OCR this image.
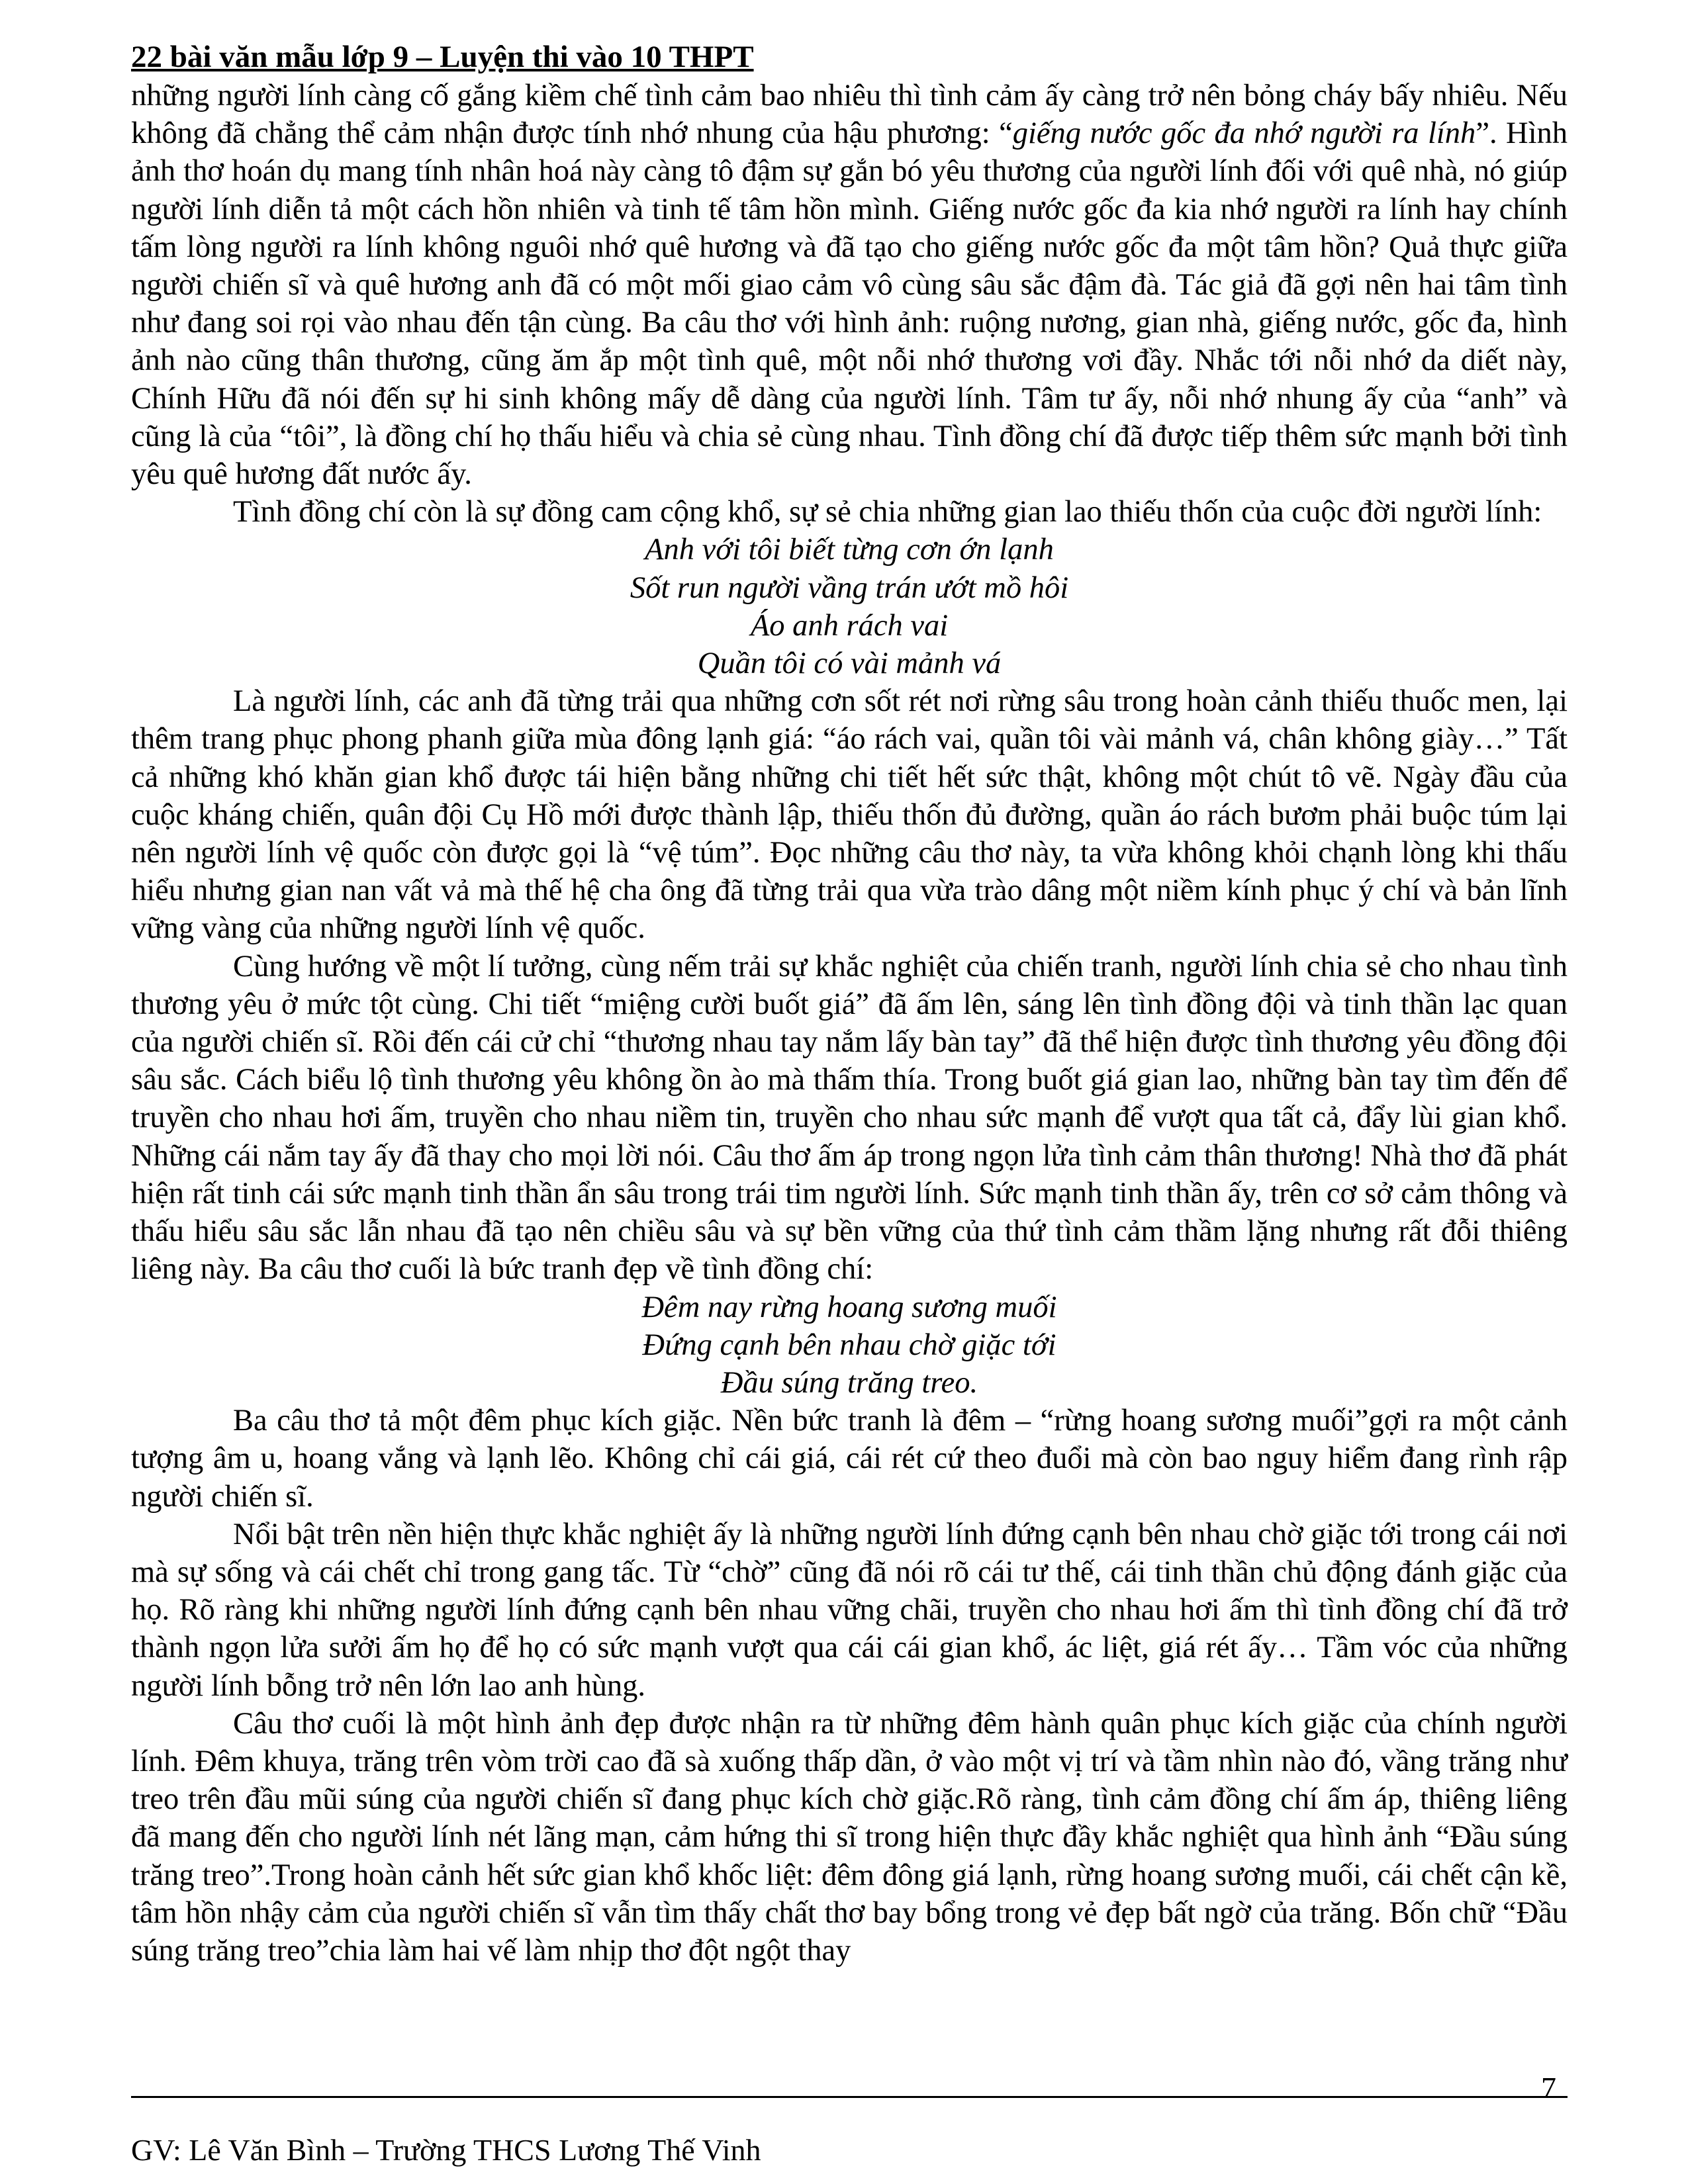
22 bài văn mẫu lớp 9 – Luyện thi vào 10 THPT

những người lính càng cố gắng kiềm chế tình cảm bao nhiêu thì tình cảm ấy càng trở nên bỏng cháy bấy nhiêu. Nếu không đã chẳng thể cảm nhận được tính nhớ nhung của hậu phương: “giếng nước gốc đa nhớ người ra lính”. Hình ảnh thơ hoán dụ mang tính nhân hoá này càng tô đậm sự gắn bó yêu thương của người lính đối với quê nhà, nó giúp người lính diễn tả một cách hồn nhiên và tinh tế tâm hồn mình. Giếng nước gốc đa kia nhớ người ra lính hay chính tấm lòng người ra lính không nguôi nhớ quê hương và đã tạo cho giếng nước gốc đa một tâm hồn? Quả thực giữa người chiến sĩ và quê hương anh đã có một mối giao cảm vô cùng sâu sắc đậm đà. Tác giả đã gợi nên hai tâm tình như đang soi rọi vào nhau đến tận cùng. Ba câu thơ với hình ảnh: ruộng nương, gian nhà, giếng nước, gốc đa, hình ảnh nào cũng thân thương, cũng ăm ắp một tình quê, một nỗi nhớ thương vơi đầy. Nhắc tới nỗi nhớ da diết này, Chính Hữu đã nói đến sự hi sinh không mấy dễ dàng của người lính. Tâm tư ấy, nỗi nhớ nhung ấy của “anh” và cũng là của “tôi”, là đồng chí họ thấu hiểu và chia sẻ cùng nhau. Tình đồng chí đã được tiếp thêm sức mạnh bởi tình yêu quê hương đất nước ấy.

Tình đồng chí còn là sự đồng cam cộng khổ, sự sẻ chia những gian lao thiếu thốn của cuộc đời người lính:

Anh với tôi biết từng cơn ớn lạnh
Sốt run người vầng trán ướt mồ hôi
Áo anh rách vai
Quần tôi có vài mảnh vá

Là người lính, các anh đã từng trải qua những cơn sốt rét nơi rừng sâu trong hoàn cảnh thiếu thuốc men, lại thêm trang phục phong phanh giữa mùa đông lạnh giá: “áo rách vai, quần tôi vài mảnh vá, chân không giày…” Tất cả những khó khăn gian khổ được tái hiện bằng những chi tiết hết sức thật, không một chút tô vẽ. Ngày đầu của cuộc kháng chiến, quân đội Cụ Hồ mới được thành lập, thiếu thốn đủ đường, quần áo rách bươm phải buộc túm lại nên người lính vệ quốc còn được gọi là “vệ túm”. Đọc những câu thơ này, ta vừa không khỏi chạnh lòng khi thấu hiểu nhưng gian nan vất vả mà thế hệ cha ông đã từng trải qua vừa trào dâng một niềm kính phục ý chí và bản lĩnh vững vàng của những người lính vệ quốc.

Cùng hướng về một lí tưởng, cùng nếm trải sự khắc nghiệt của chiến tranh, người lính chia sẻ cho nhau tình thương yêu ở mức tột cùng. Chi tiết “miệng cười buốt giá” đã ấm lên, sáng lên tình đồng đội và tinh thần lạc quan của người chiến sĩ. Rồi đến cái cử chỉ “thương nhau tay nắm lấy bàn tay” đã thể hiện được tình thương yêu đồng đội sâu sắc. Cách biểu lộ tình thương yêu không ồn ào mà thấm thía. Trong buốt giá gian lao, những bàn tay tìm đến để truyền cho nhau hơi ấm, truyền cho nhau niềm tin, truyền cho nhau sức mạnh để vượt qua tất cả, đẩy lùi gian khổ. Những cái nắm tay ấy đã thay cho mọi lời nói. Câu thơ ấm áp trong ngọn lửa tình cảm thân thương! Nhà thơ đã phát hiện rất tinh cái sức mạnh tinh thần ẩn sâu trong trái tim người lính. Sức mạnh tinh thần ấy, trên cơ sở cảm thông và thấu hiểu sâu sắc lẫn nhau đã tạo nên chiều sâu và sự bền vững của thứ tình cảm thầm lặng nhưng rất đỗi thiêng liêng này. Ba câu thơ cuối là bức tranh đẹp về tình đồng chí:

Đêm nay rừng hoang sương muối
Đứng cạnh bên nhau chờ giặc tới
Đầu súng trăng treo.

Ba câu thơ tả một đêm phục kích giặc. Nền bức tranh là đêm – “rừng hoang sương muối”gợi ra một cảnh tượng âm u, hoang vắng và lạnh lẽo. Không chỉ cái giá, cái rét cứ theo đuổi mà còn bao nguy hiểm đang rình rập người chiến sĩ.

Nổi bật trên nền hiện thực khắc nghiệt ấy là những người lính đứng cạnh bên nhau chờ giặc tới trong cái nơi mà sự sống và cái chết chỉ trong gang tấc. Từ “chờ” cũng đã nói rõ cái tư thế, cái tinh thần chủ động đánh giặc của họ. Rõ ràng khi những người lính đứng cạnh bên nhau vững chãi, truyền cho nhau hơi ấm thì tình đồng chí đã trở thành ngọn lửa sưởi ấm họ để họ có sức mạnh vượt qua cái cái gian khổ, ác liệt, giá rét ấy… Tầm vóc của những người lính bỗng trở nên lớn lao anh hùng.

Câu thơ cuối là một hình ảnh đẹp được nhận ra từ những đêm hành quân phục kích giặc của chính người lính. Đêm khuya, trăng trên vòm trời cao đã sà xuống thấp dần, ở vào một vị trí và tầm nhìn nào đó, vầng trăng như treo trên đầu mũi súng của người chiến sĩ đang phục kích chờ giặc.Rõ ràng, tình cảm đồng chí ấm áp, thiêng liêng đã mang đến cho người lính nét lãng mạn, cảm hứng thi sĩ trong hiện thực đầy khắc nghiệt qua hình ảnh “Đầu súng trăng treo”.Trong hoàn cảnh hết sức gian khổ khốc liệt: đêm đông giá lạnh, rừng hoang sương muối, cái chết cận kề, tâm hồn nhậy cảm của người chiến sĩ vẫn tìm thấy chất thơ bay bổng trong vẻ đẹp bất ngờ của trăng. Bốn chữ “Đầu súng trăng treo”chia làm hai vế làm nhịp thơ đột ngột thay

7
GV: Lê Văn Bình – Trường THCS Lương Thế Vinh
